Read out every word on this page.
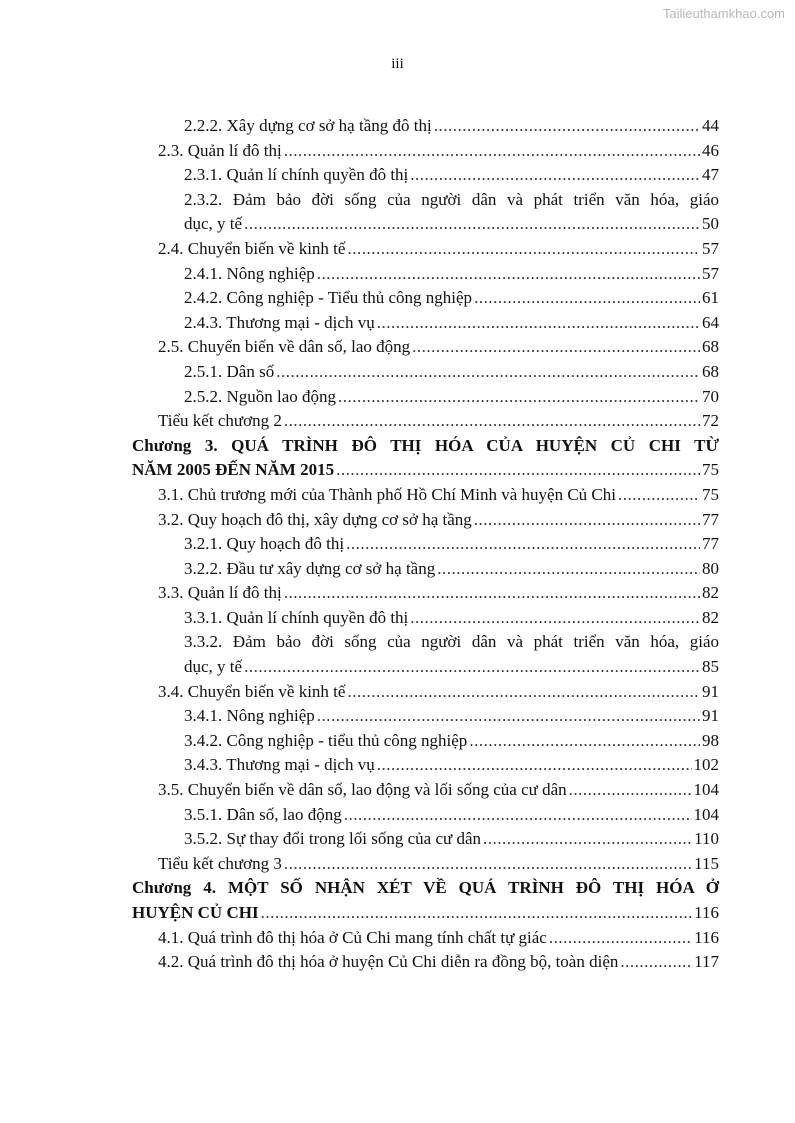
Tailieuthamkhao.com
iii
2.2.2. Xây dựng cơ sở hạ tầng đô thị .....	44
2.3. Quản lí đô thị .....	46
2.3.1. Quản lí chính quyền đô thị .....	47
2.3.2. Đảm bảo đời sống của người dân và phát triển văn hóa, giáo
dục, y tế .....	50
2.4. Chuyển biến về kinh tế .....	57
2.4.1. Nông nghiệp .....	57
2.4.2. Công nghiệp - Tiểu thủ công nghiệp .....	61
2.4.3. Thương mại - dịch vụ .....	64
2.5. Chuyển biến về dân số, lao động .....	68
2.5.1. Dân số .....	68
2.5.2. Nguồn lao động .....	70
Tiểu kết chương 2 .....	72
Chương 3. QUÁ TRÌNH ĐÔ THỊ HÓA CỦA HUYỆN CỦ CHI TỪ
NĂM 2005 ĐẾN NĂM 2015 .....	75
3.1. Chủ trương mới của Thành phố Hồ Chí Minh và huyện Củ Chi .....	75
3.2. Quy hoạch đô thị, xây dựng cơ sở hạ tầng .....	77
3.2.1. Quy hoạch đô thị .....	77
3.2.2. Đầu tư xây dựng cơ sở hạ tầng .....	80
3.3. Quản lí đô thị .....	82
3.3.1. Quản lí chính quyền đô thị .....	82
3.3.2. Đảm bảo đời sống của người dân và phát triển văn hóa, giáo
dục, y tế .....	85
3.4. Chuyển biến về kinh tế .....	91
3.4.1. Nông nghiệp .....	91
3.4.2. Công nghiệp - tiểu thủ công nghiệp .....	98
3.4.3. Thương mại - dịch vụ .....	102
3.5. Chuyển biến về dân số, lao động và lối sống của cư dân .....	104
3.5.1. Dân số, lao động .....	104
3.5.2. Sự thay đổi trong lối sống của cư dân .....	110
Tiểu kết chương 3 .....	115
Chương 4. MỘT SỐ NHẬN XÉT VỀ QUÁ TRÌNH ĐÔ THỊ HÓA Ở
HUYỆN CỦ CHI .....	116
4.1. Quá trình đô thị hóa ở Củ Chi mang tính chất tự giác .....	116
4.2. Quá trình đô thị hóa ở huyện Củ Chi diễn ra đồng bộ, toàn diện .....	117
